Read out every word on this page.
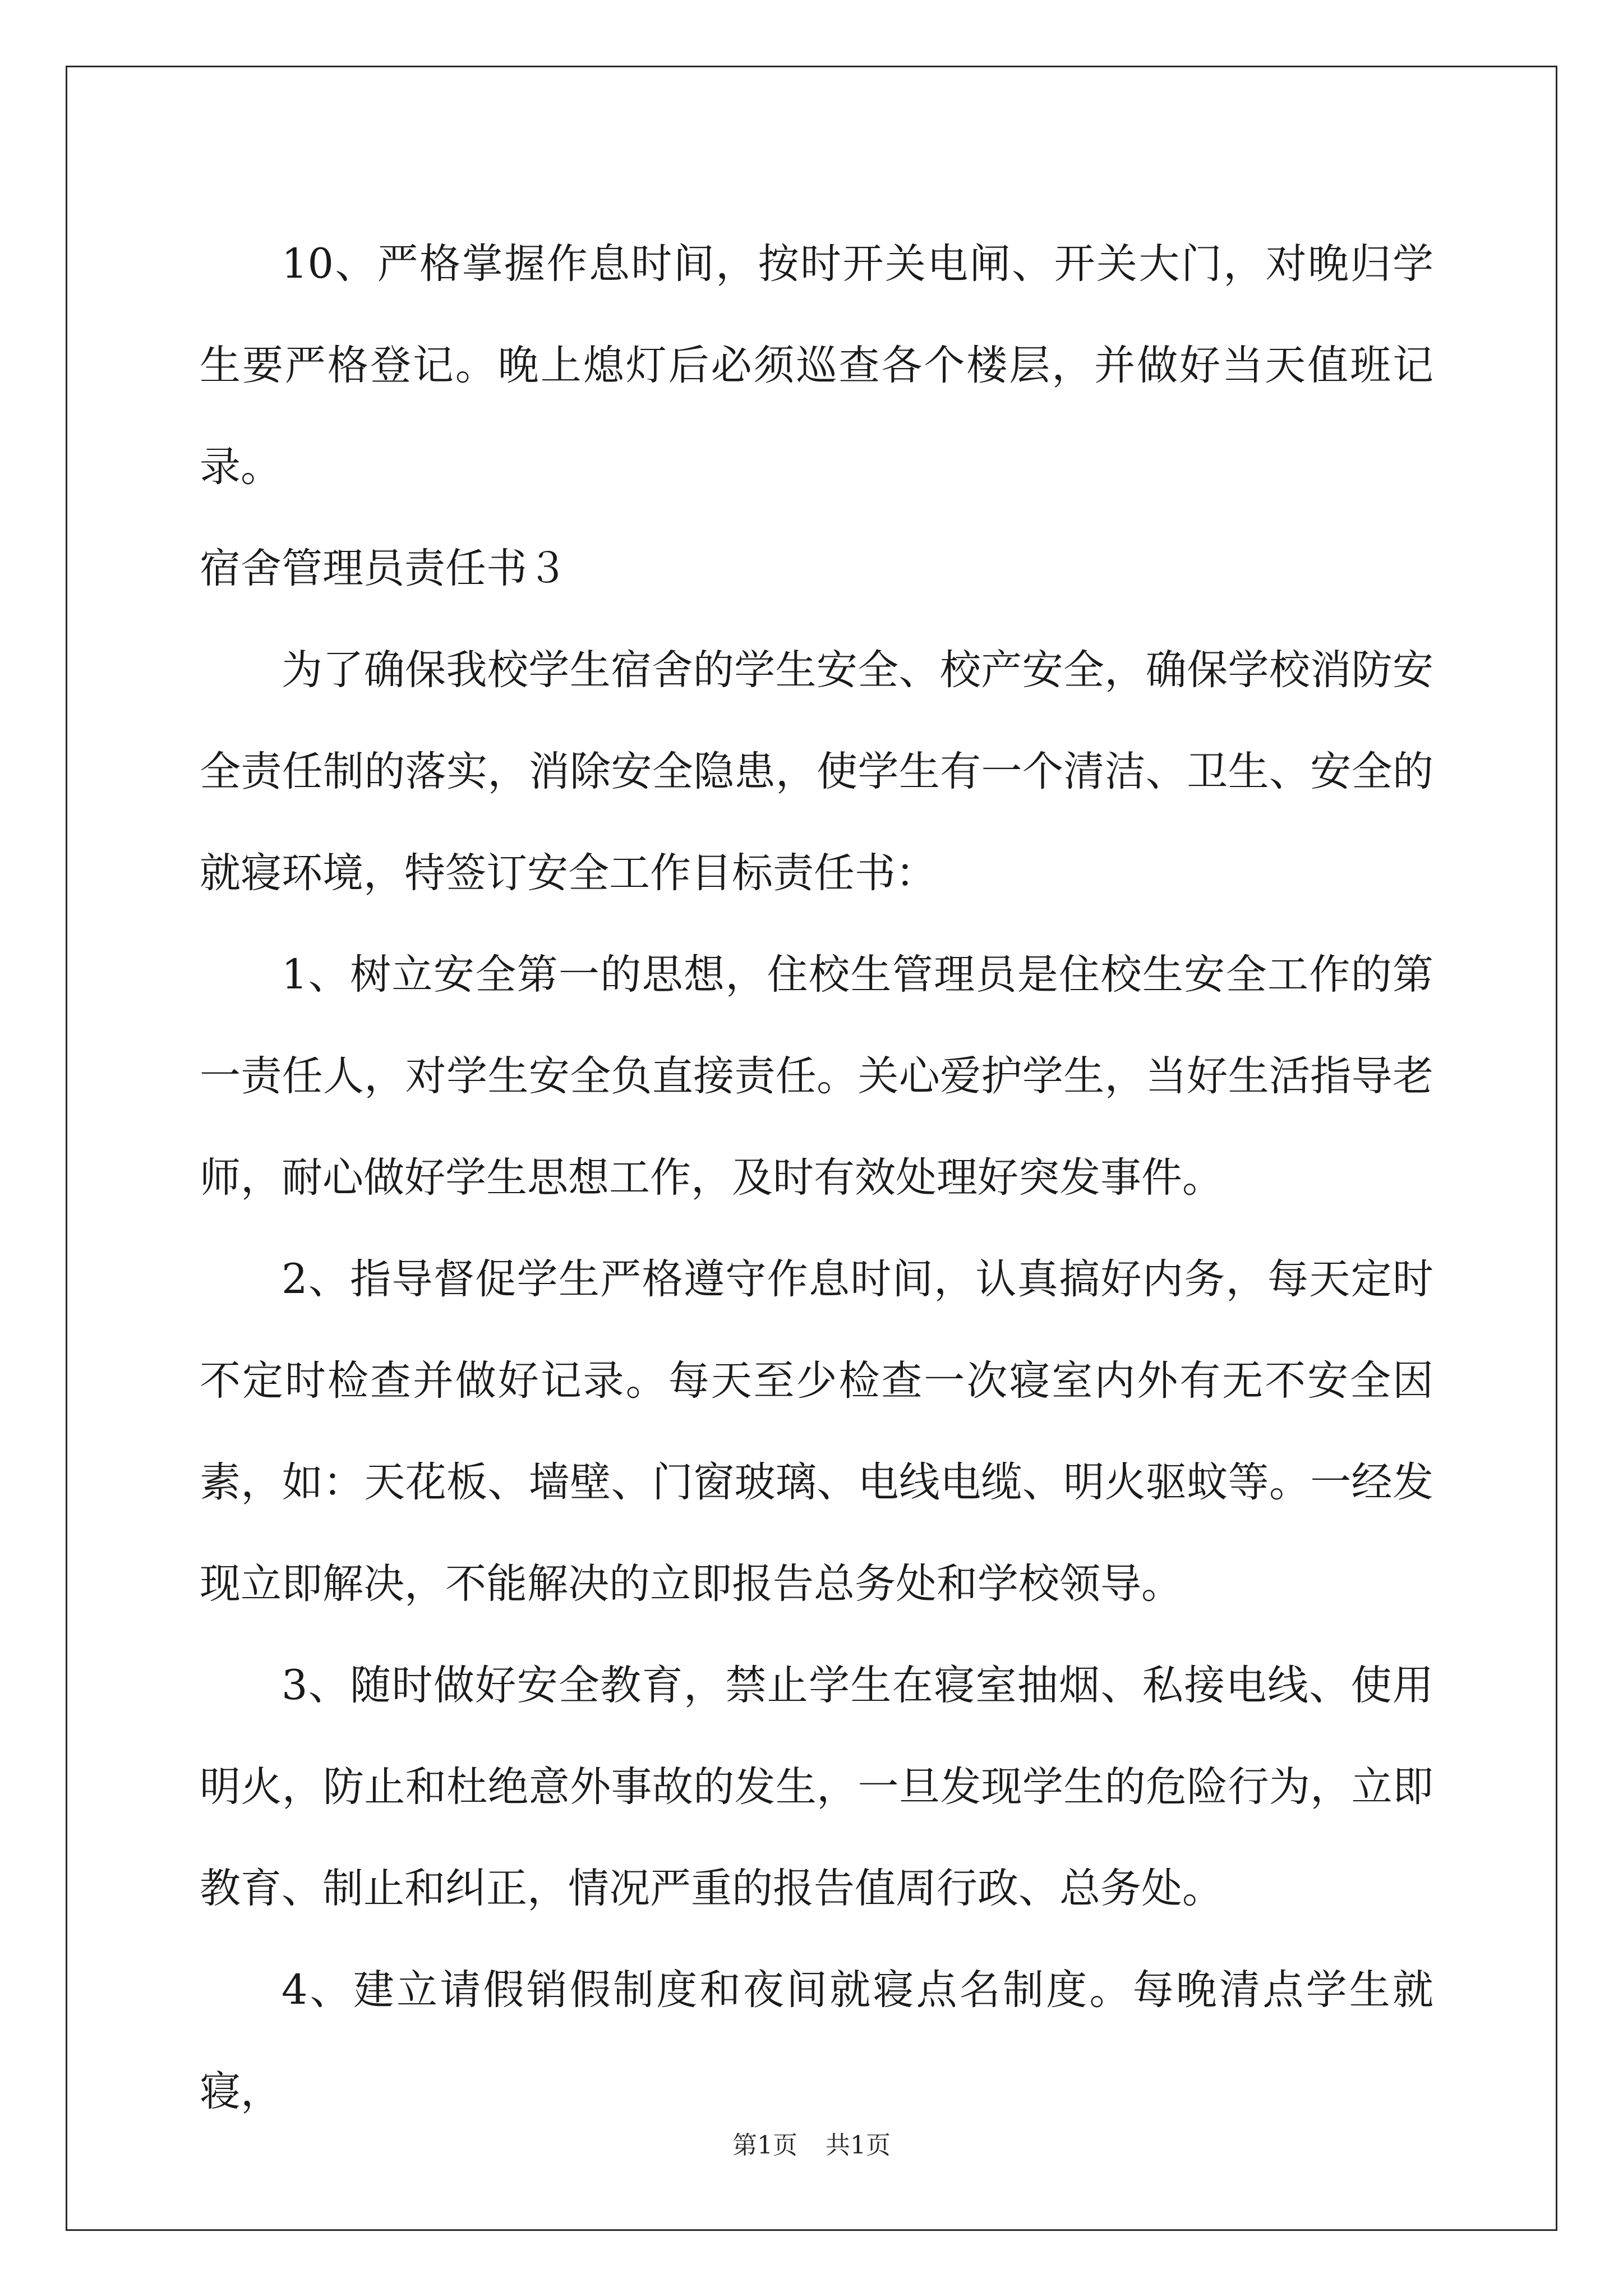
10、严格掌握作息时间，按时开关电闸、开关大门，对晚归学生要严格登记。晚上熄灯后必须巡查各个楼层，并做好当天值班记录。

宿舍管理员责任书３

为了确保我校学生宿舍的学生安全、校产安全，确保学校消防安全责任制的落实，消除安全隐患，使学生有一个清洁、卫生、安全的就寝环境，特签订安全工作目标责任书：

1、树立安全第一的思想，住校生管理员是住校生安全工作的第一责任人，对学生安全负直接责任。关心爱护学生，当好生活指导老师，耐心做好学生思想工作，及时有效处理好突发事件。

2、指导督促学生严格遵守作息时间，认真搞好内务，每天定时不定时检查并做好记录。每天至少检查一次寝室内外有无不安全因素，如：天花板、墙壁、门窗玻璃、电线电缆、明火驱蚊等。一经发现立即解决，不能解决的立即报告总务处和学校领导。

3、随时做好安全教育，禁止学生在寝室抽烟、私接电线、使用明火，防止和杜绝意外事故的发生，一旦发现学生的危险行为，立即教育、制止和纠正，情况严重的报告值周行政、总务处。

4、建立请假销假制度和夜间就寝点名制度。每晚清点学生就寝，

第1页 共1页
